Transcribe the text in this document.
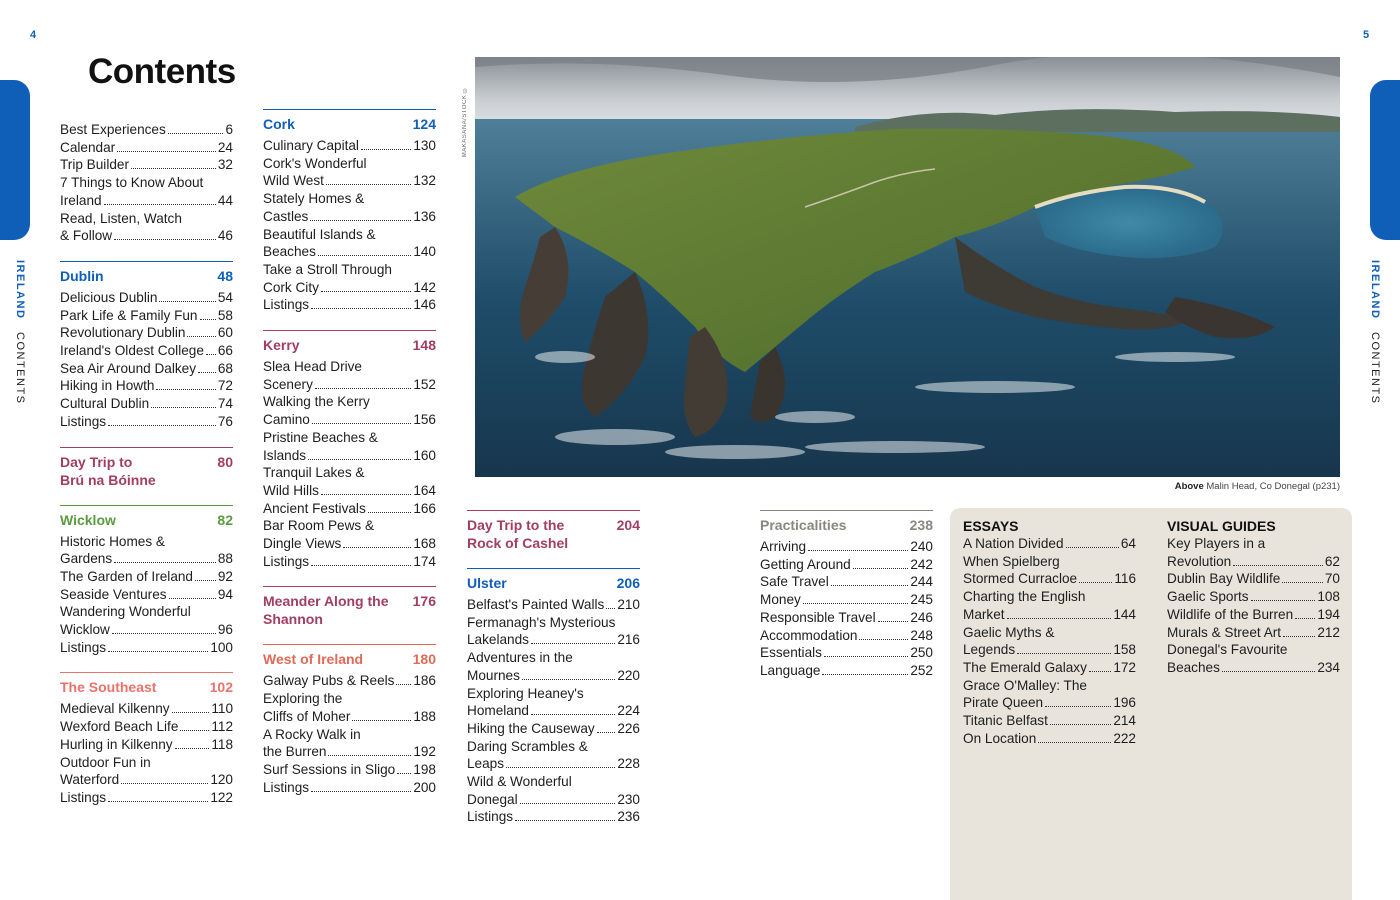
4	5
IRELAND CONTENTS
IRELAND CONTENTS
Contents
Best Experiences	6
Calendar	24
Trip Builder	32
7 Things to Know About
Ireland	44
Read, Listen, Watch
& Follow	46
Dublin	48
Delicious Dublin	54
Park Life & Family Fun 58
Revolutionary Dublin 60
Ireland's Oldest College 66
Sea Air Around Dalkey 68
Hiking in Howth	72
Cultural Dublin	74
Listings	76
Day Trip to
Brú na Bóinne
80
Wicklow	82
Historic Homes &
Gardens	88
The Garden of Ireland 92
Seaside Ventures	94
Wandering Wonderful
Wicklow	96
Listings	100
The Southeast	102
Medieval Kilkenny	110
Wexford Beach Life 112
Hurling in Kilkenny	118
Outdoor Fun in
Waterford	120
Listings	122
Cork	124
Culinary Capital	130
Cork's Wonderful
Wild West	132
Stately Homes &
Castles	136
Beautiful Islands &
Beaches	140
Take a Stroll Through
Cork City	142
Listings	146
Kerry	148
Slea Head Drive
Scenery	152
Walking the Kerry
Camino	156
Pristine Beaches &
Islands	160
Tranquil Lakes &
Wild Hills	164
Ancient Festivals	166
Bar Room Pews &
Dingle Views	168
Listings	174
Meander Along the
Shannon
176
West of Ireland	180
Galway Pubs & Reels 186
Exploring the
Cliffs of Moher	188
A Rocky Walk in
the Burren	192
Surf Sessions in Sligo 198
Listings	200
Day Trip to the
Rock of Cashel
204
Ulster	206
Belfast's Painted Walls 210
Fermanagh's Mysterious
Lakelands	216
Adventures in the
Mournes	220
Exploring Heaney's
Homeland	224
Hiking the Causeway 226
Daring Scrambles &
Leaps	228
Wild & Wonderful
Donegal	230
Listings	236
Practicalities	238
Arriving	240
Getting Around	242
Safe Travel	244
Money	245
Responsible Travel	246
Accommodation	248
Essentials	250
Language	252
MAKASANA/STOCK ©
Above Malin Head, Co Donegal (p231)
ESSAYS
A Nation Divided	64
When Spielberg
Stormed Curracloe	116
Charting the English
Market	144
Gaelic Myths &
Legends	158
The Emerald Galaxy 172
Grace O'Malley: The
Pirate Queen	196
Titanic Belfast	214
On Location	222
VISUAL GUIDES
Key Players in a
Revolution	62
Dublin Bay Wildlife	70
Gaelic Sports	108
Wildlife of the Burren 194
Murals & Street Art	212
Donegal's Favourite
Beaches	234
